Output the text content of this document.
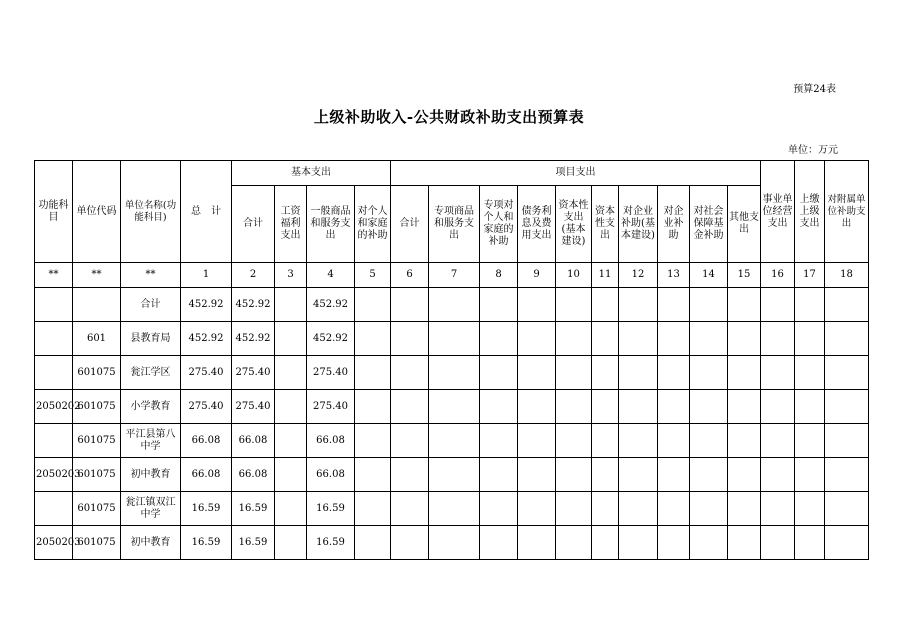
预算24表
上级补助收入-公共财政补助支出预算表
单位：万元
功能科目	单位代码	单位名称(功能科目)	总　计	基本支出				项目支出										事业单位经营支出	上缴上级支出	对附属单位补助支出
				合计	工资福利支出	一般商品和服务支出	对个人和家庭的补助	合计	专项商品和服务支出	专项对个人和家庭的补助	债务利息及费用支出	资本性支出(基本建设)	资本性支出	对企业补助(基本建设)	对企业补助	对社会保障基金补助	其他支出			
**	**	**	1	2	3	4	5	6	7	8	9	10	11	12	13	14	15	16	17	18
		合计	452.92	452.92		452.92														
	601	县教育局	452.92	452.92		452.92														
	601075	瓮江学区	275.40	275.40		275.40														
2050202	601075	小学教育	275.40	275.40		275.40														
	601075	平江县第八中学	66.08	66.08		66.08														
2050203	601075	初中教育	66.08	66.08		66.08														
	601075	瓮江镇双江中学	16.59	16.59		16.59														
2050203	601075	初中教育	16.59	16.59		16.59														
